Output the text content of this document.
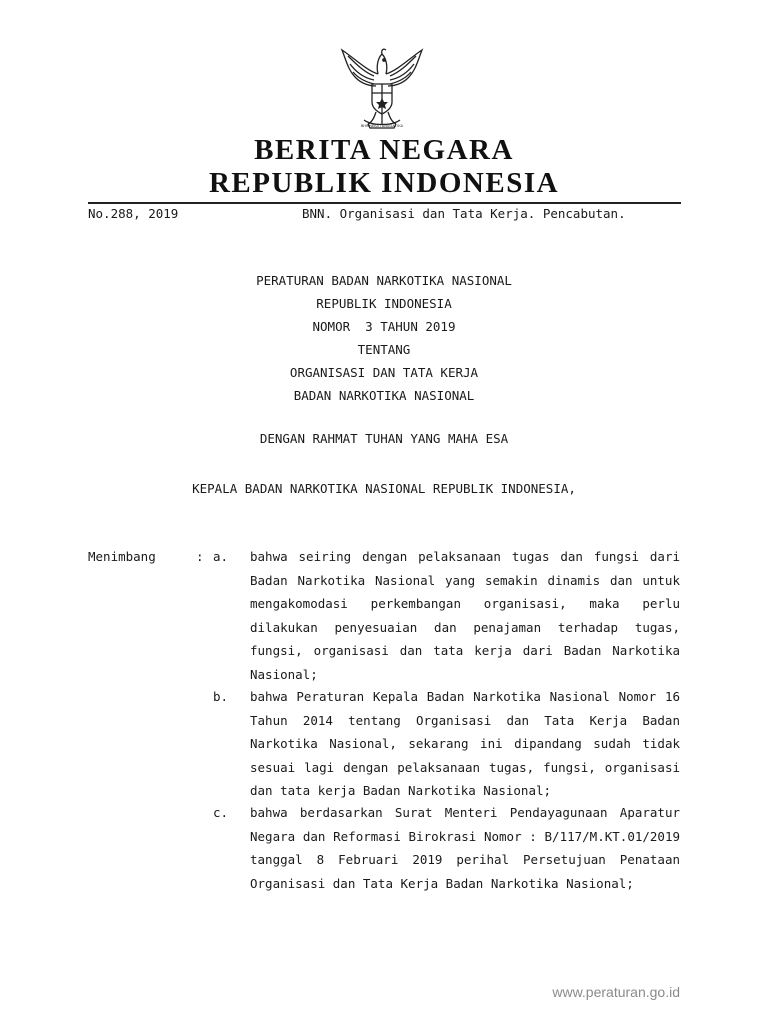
BHINNEKA TUNGGAL IKA
BERITA NEGARA
REPUBLIK INDONESIA
No.288, 2019	BNN. Organisasi dan Tata Kerja. Pencabutan.
PERATURAN BADAN NARKOTIKA NASIONAL
REPUBLIK INDONESIA
NOMOR  3 TAHUN 2019
TENTANG
ORGANISASI DAN TATA KERJA
BADAN NARKOTIKA NASIONAL
DENGAN RAHMAT TUHAN YANG MAHA ESA
KEPALA BADAN NARKOTIKA NASIONAL REPUBLIK INDONESIA,
Menimbang	: a. bahwa seiring dengan pelaksanaan tugas dan fungsi dari Badan Narkotika Nasional yang semakin dinamis dan untuk mengakomodasi perkembangan organisasi, maka perlu dilakukan penyesuaian dan penajaman terhadap tugas, fungsi, organisasi dan tata kerja dari Badan Narkotika Nasional;

b. bahwa Peraturan Kepala Badan Narkotika Nasional Nomor 16 Tahun 2014 tentang Organisasi dan Tata Kerja Badan Narkotika Nasional, sekarang ini dipandang sudah tidak sesuai lagi dengan pelaksanaan tugas, fungsi, organisasi dan tata kerja Badan Narkotika Nasional;

c. bahwa berdasarkan Surat Menteri Pendayagunaan Aparatur Negara dan Reformasi Birokrasi Nomor : B/117/M.KT.01/2019 tanggal 8 Februari 2019 perihal Persetujuan Penataan Organisasi dan Tata Kerja Badan Narkotika Nasional;

www.peraturan.go.id
